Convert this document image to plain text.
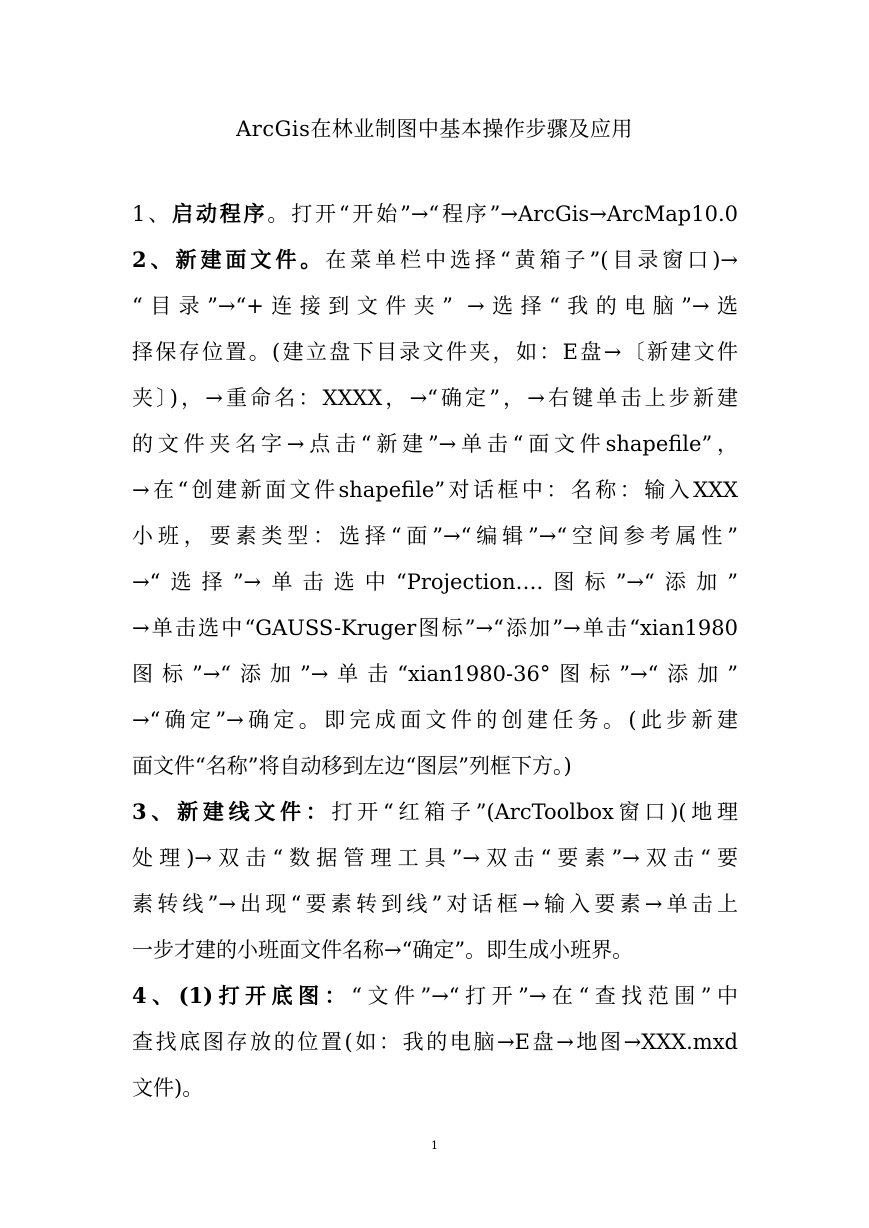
ArcGis在林业制图中基本操作步骤及应用
1、启动程序。打开“开始”→“程序”→ArcGis→ArcMap10.0
2、新建面文件。在菜单栏中选择“黄箱子”(目录窗口)→
“目录”→“+连接到文件夹” →选择“我的电脑”→选
择保存位置。(建立盘下目录文件夹，如：E盘→〔新建文件
夹〕)，→重命名：XXXX，→“确定”，→右键单击上步新建
的文件夹名字→点击“新建”→单击“面文件shapefile”，
→在“创建新面文件shapefile”对话框中：名称：输入XXX
小班，要素类型：选择“面”→“编辑”→“空间参考属性”
→“选择”→单击选中“Projection….图标”→“添加”
→单击选中“GAUSS-Kruger图标”→“添加”→单击“xian1980
图标”→“添加”→单击“xian1980-36°图标”→“添加”
→“确定”→确定。即完成面文件的创建任务。(此步新建
面文件“名称”将自动移到左边“图层”列框下方。)
3、新建线文件：打开“红箱子”(ArcToolbox窗口)(地理
处理)→双击“数据管理工具”→双击“要素”→双击“要
素转线”→出现“要素转到线”对话框→输入要素→单击上
一步才建的小班面文件名称→“确定”。即生成小班界。
4、(1)打开底图：“文件”→“打开”→在“查找范围”中
查找底图存放的位置(如：我的电脑→E盘→地图→XXX.mxd
文件)。
1
